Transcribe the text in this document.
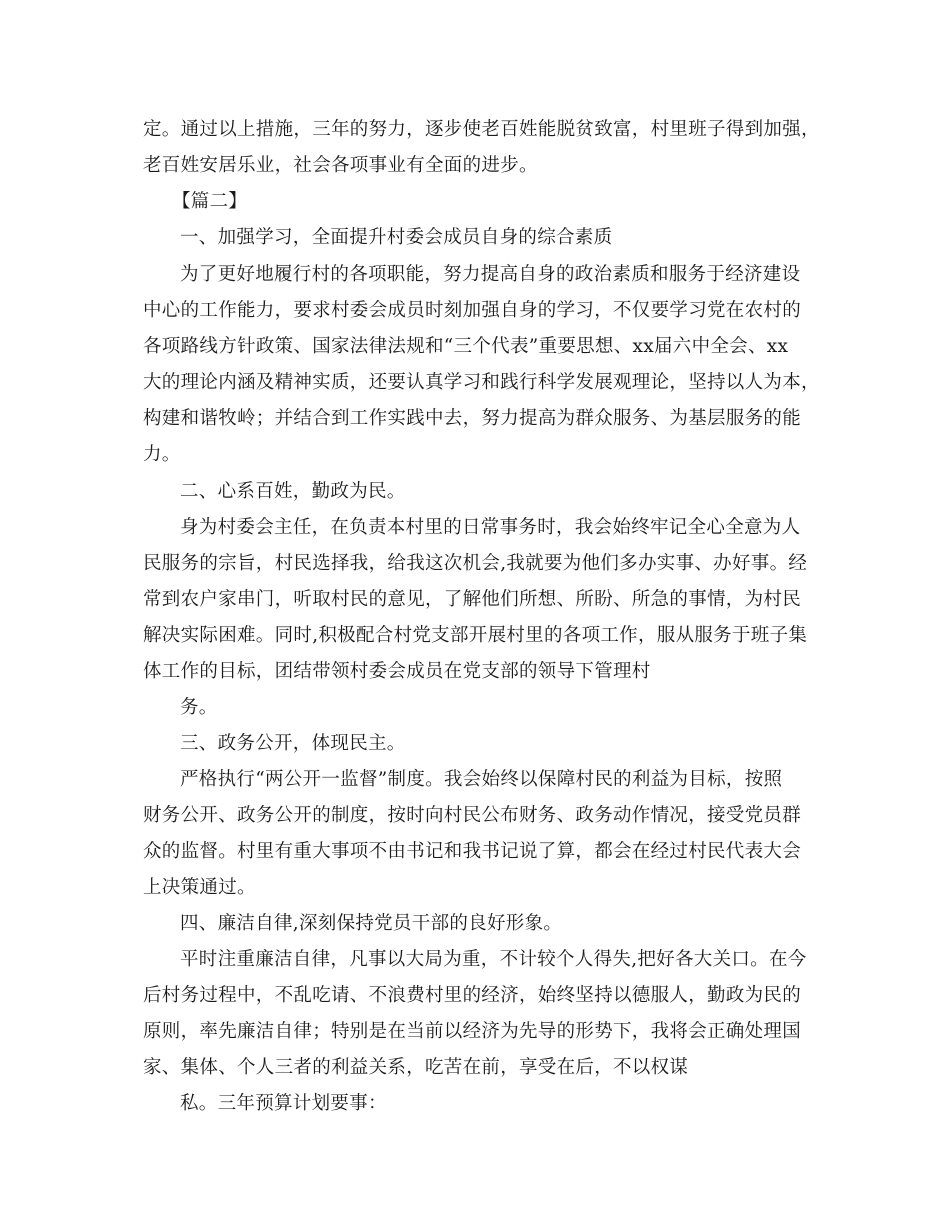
定。通过以上措施，三年的努力，逐步使老百姓能脱贫致富，村里班子得到加强，
老百姓安居乐业，社会各项事业有全面的进步。
【篇二】
一、加强学习，全面提升村委会成员自身的综合素质
为了更好地履行村的各项职能，努力提高自身的政治素质和服务于经济建设
中心的工作能力，要求村委会成员时刻加强自身的学习，不仅要学习党在农村的
各项路线方针政策、国家法律法规和“三个代表”重要思想、xx届六中全会、xx
大的理论内涵及精神实质，还要认真学习和践行科学发展观理论，坚持以人为本，
构建和谐牧岭；并结合到工作实践中去，努力提高为群众服务、为基层服务的能
力。
二、心系百姓，勤政为民。
身为村委会主任，在负责本村里的日常事务时，我会始终牢记全心全意为人
民服务的宗旨，村民选择我，给我这次机会,我就要为他们多办实事、办好事。经
常到农户家串门，听取村民的意见，了解他们所想、所盼、所急的事情，为村民
解决实际困难。同时,积极配合村党支部开展村里的各项工作，服从服务于班子集
体工作的目标，团结带领村委会成员在党支部的领导下管理村
务。
三、政务公开，体现民主。
严格执行“两公开一监督”制度。我会始终以保障村民的利益为目标，按照
财务公开、政务公开的制度，按时向村民公布财务、政务动作情况，接受党员群
众的监督。村里有重大事项不由书记和我书记说了算，都会在经过村民代表大会
上决策通过。
四、廉洁自律,深刻保持党员干部的良好形象。
平时注重廉洁自律，凡事以大局为重，不计较个人得失,把好各大关口。在今
后村务过程中，不乱吃请、不浪费村里的经济，始终坚持以德服人，勤政为民的
原则，率先廉洁自律；特别是在当前以经济为先导的形势下，我将会正确处理国
家、集体、个人三者的利益关系，吃苦在前，享受在后，不以权谋
私。三年预算计划要事：
